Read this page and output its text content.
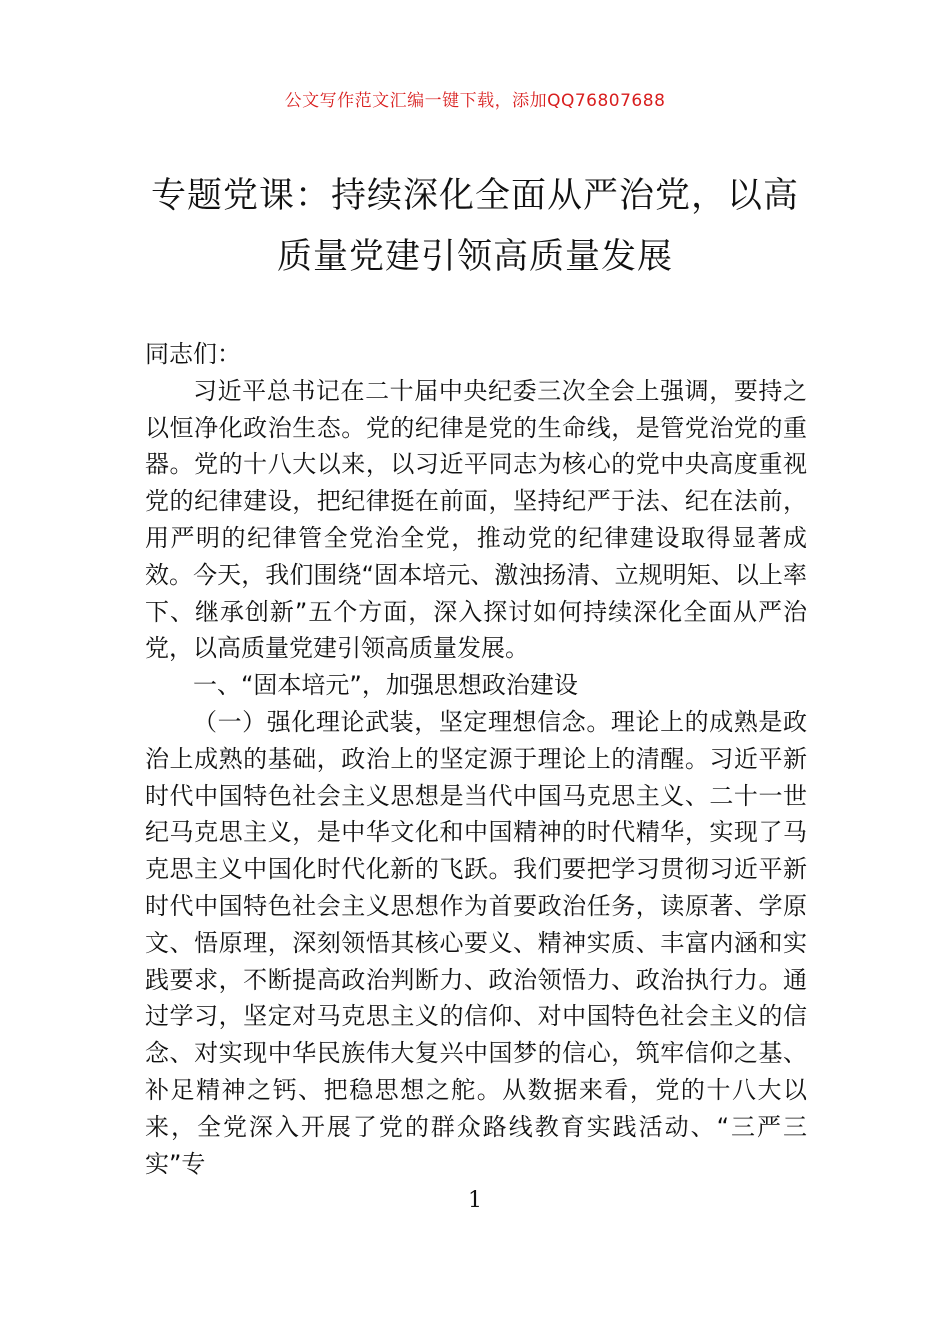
公文写作范文汇编一键下载，添加QQ76807688
专题党课：持续深化全面从严治党，以高质量党建引领高质量发展

同志们：

习近平总书记在二十届中央纪委三次全会上强调，要持之以恒净化政治生态。党的纪律是党的生命线，是管党治党的重器。党的十八大以来，以习近平同志为核心的党中央高度重视党的纪律建设，把纪律挺在前面，坚持纪严于法、纪在法前，用严明的纪律管全党治全党，推动党的纪律建设取得显著成效。今天，我们围绕“固本培元、激浊扬清、立规明矩、以上率下、继承创新”五个方面，深入探讨如何持续深化全面从严治党，以高质量党建引领高质量发展。

一、“固本培元”，加强思想政治建设

（一）强化理论武装，坚定理想信念。理论上的成熟是政治上成熟的基础，政治上的坚定源于理论上的清醒。习近平新时代中国特色社会主义思想是当代中国马克思主义、二十一世纪马克思主义，是中华文化和中国精神的时代精华，实现了马克思主义中国化时代化新的飞跃。我们要把学习贯彻习近平新时代中国特色社会主义思想作为首要政治任务，读原著、学原文、悟原理，深刻领悟其核心要义、精神实质、丰富内涵和实践要求，不断提高政治判断力、政治领悟力、政治执行力。通过学习，坚定对马克思主义的信仰、对中国特色社会主义的信念、对实现中华民族伟大复兴中国梦的信心，筑牢信仰之基、补足精神之钙、把稳思想之舵。从数据来看，党的十八大以来，全党深入开展了党的群众路线教育实践活动、“三严三实”专

1
